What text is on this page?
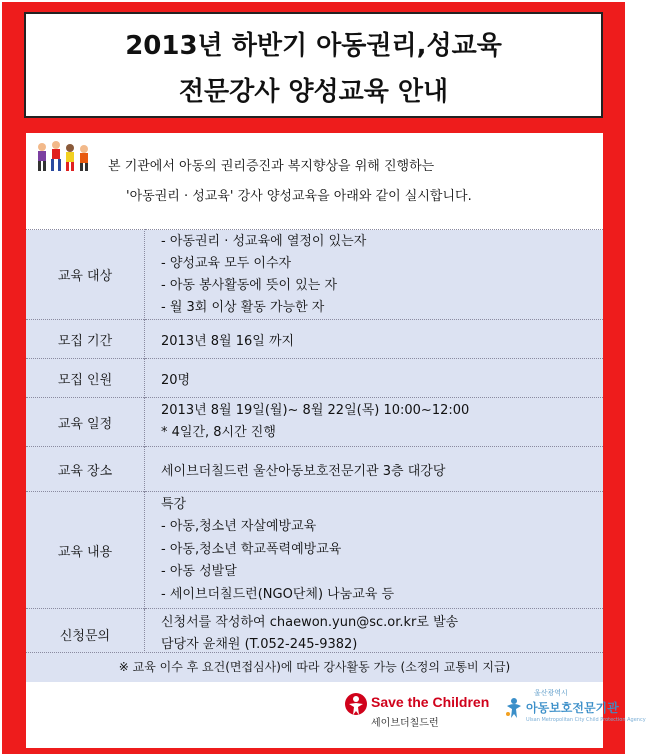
2013년 하반기 아동권리,성교육
전문강사 양성교육 안내
본 기관에서 아동의 권리증진과 복지향상을 위해 진행하는
'아동권리 · 성교육' 강사 양성교육을 아래와 같이 실시합니다.
교육 대상	- 아동권리 · 성교육에 열정이 있는자
- 양성교육 모두 이수자
- 아동 봉사활동에 뜻이 있는 자
- 월 3회 이상 활동 가능한 자

모집 기간	2013년 8월 16일 까지
모집 인원	20명
교육 일정	2013년 8월 19일(월)~ 8월 22일(목) 10:00~12:00
* 4일간, 8시간 진행

교육 장소	세이브더칠드런 울산아동보호전문기관 3층 대강당
교육 내용	특강
- 아동,청소년 자살예방교육
- 아동,청소년 학교폭력예방교육
- 아동 성발달
- 세이브더칠드런(NGO단체) 나눔교육 등

신청문의	신청서를 작성하여 chaewon.yun@sc.or.kr로 발송
담당자 윤채원 (T.052-245-9382)
※ 교육 이수 후 요건(면접심사)에 따라 강사활동 가능 (소정의 교통비 지급)
Save the Children
세이브더칠드런
울산광역시
아동보호전문기관
Ulsan Metropolitan City Child Protection Agency
